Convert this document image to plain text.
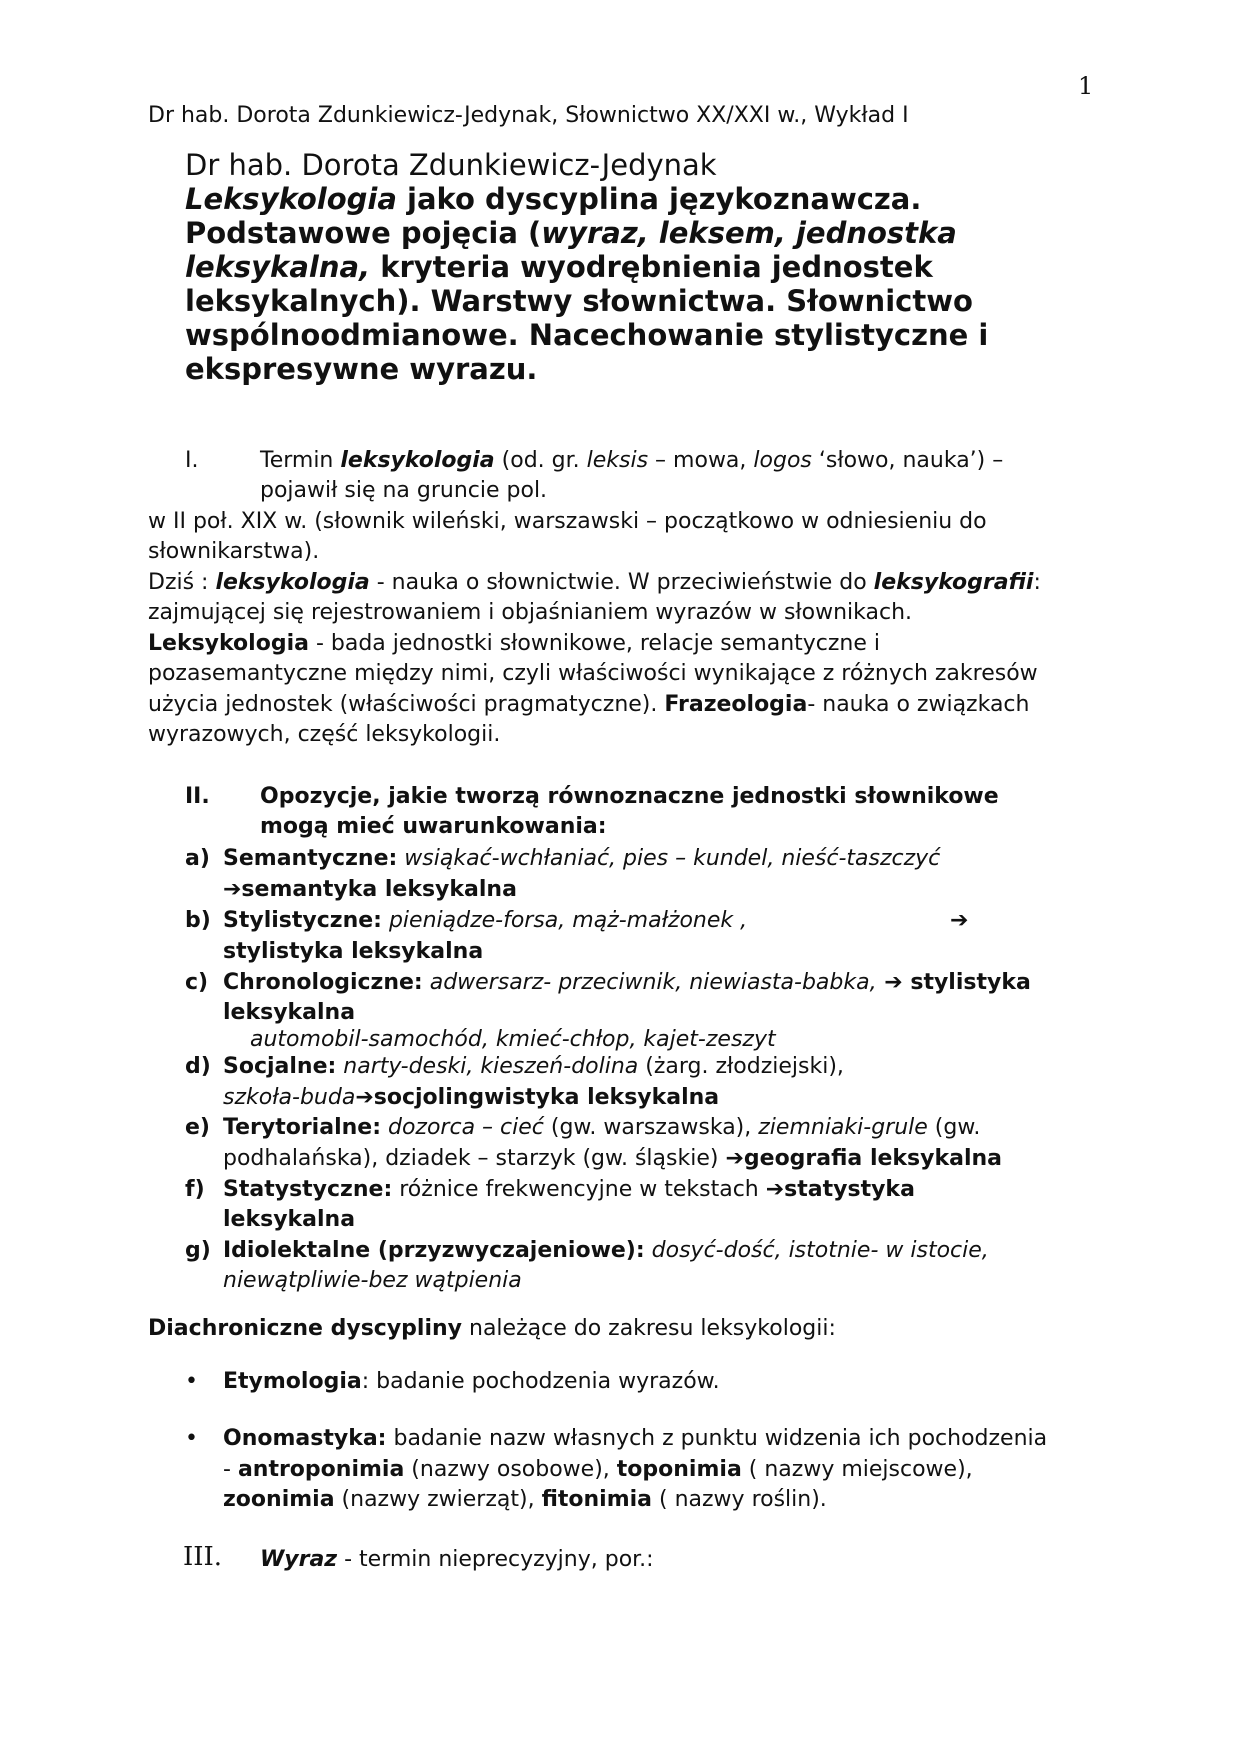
1
Dr hab. Dorota Zdunkiewicz-Jedynak, Słownictwo XX/XXI w., Wykład I
Dr hab. Dorota Zdunkiewicz-Jedynak
Leksykologia jako dyscyplina językoznawcza.
Podstawowe pojęcia (wyraz, leksem, jednostka
leksykalna, kryteria wyodrębnienia jednostek
leksykalnych). Warstwy słownictwa. Słownictwo
wspólnoodmianowe. Nacechowanie stylistyczne i
ekspresywne wyrazu.
I.	Termin leksykologia (od. gr. leksis – mowa, logos ‘słowo, nauka’) –
pojawił się na gruncie pol.
w II poł. XIX w. (słownik wileński, warszawski – początkowo w odniesieniu do
słownikarstwa).
Dziś : leksykologia - nauka o słownictwie. W przeciwieństwie do leksykografii:
zajmującej się rejestrowaniem i objaśnianiem wyrazów w słownikach.
Leksykologia - bada jednostki słownikowe, relacje semantyczne i
pozasemantyczne między nimi, czyli właściwości wynikające z różnych zakresów
użycia jednostek (właściwości pragmatyczne). Frazeologia- nauka o związkach
wyrazowych, część leksykologii.
II. Opozycje, jakie tworzą równoznaczne jednostki słownikowe
mogą mieć uwarunkowania:
a) Semantyczne: wsiąkać-wchłaniać, pies – kundel, nieść-taszczyć
➔semantyka leksykalna
b) Stylistyczne: pieniądze-forsa, mąż-małżonek ,	➔
stylistyka leksykalna
c) Chronologiczne: adwersarz- przeciwnik, niewiasta-babka, ➔ stylistyka
leksykalna
automobil-samochód, kmieć-chłop, kajet-zeszyt
d) Socjalne: narty-deski, kieszeń-dolina (żarg. złodziejski),
szkoła-buda➔socjolingwistyka leksykalna
e) Terytorialne: dozorca – cieć (gw. warszawska), ziemniaki-grule (gw.
podhalańska), dziadek – starzyk (gw. śląskie) ➔geografia leksykalna
f) Statystyczne: różnice frekwencyjne w tekstach ➔statystyka
leksykalna
g) Idiolektalne (przyzwyczajeniowe): dosyć-dość, istotnie- w istocie,
niewątpliwie-bez wątpienia
Diachroniczne dyscypliny należące do zakresu leksykologii:
• Etymologia: badanie pochodzenia wyrazów.
• Onomastyka: badanie nazw własnych z punktu widzenia ich pochodzenia
- antroponimia (nazwy osobowe), toponimia ( nazwy miejscowe),
zoonimia (nazwy zwierząt), fitonimia ( nazwy roślin).
III. Wyraz - termin nieprecyzyjny, por.:
